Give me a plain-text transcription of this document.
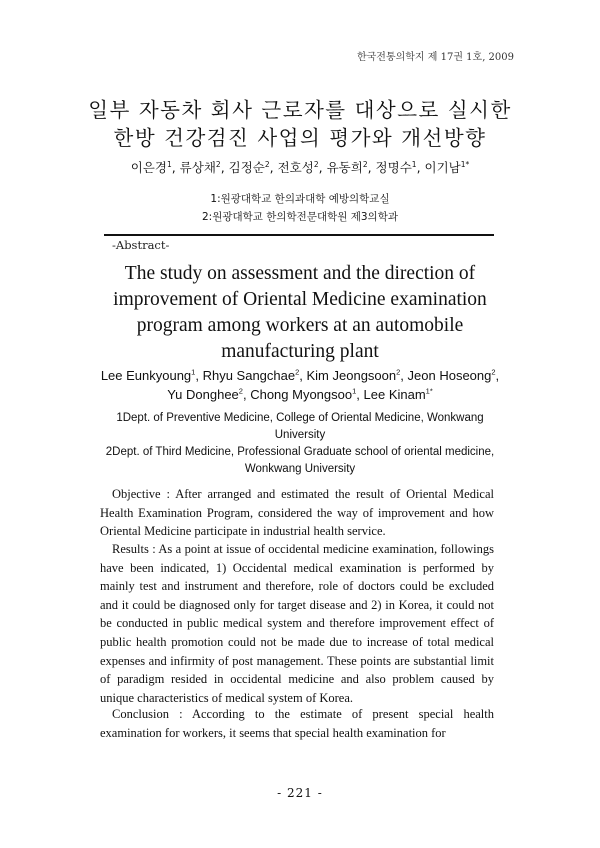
한국전통의학지 제 17권 1호, 2009
일부 자동차 회사 근로자를 대상으로 실시한
한방 건강검진 사업의 평가와 개선방향
이은경$^1$, 류상채$^2$, 김정순$^2$, 전호성$^2$, 유동희$^2$, 정명수$^1$, 이기남$^{1*}$
1:원광대학교 한의과대학 예방의학교실
2:원광대학교 한의학전문대학원 제3의학과
-Abstract-
The study on assessment and the direction of
improvement of Oriental Medicine examination
program among workers at an automobile
manufacturing plant
Lee Eunkyoung$^1$, Rhyu Sangchae$^2$, Kim Jeongsoon$^2$, Jeon Hoseong$^2$,
Yu Donghee$^2$, Chong Myongsoo$^1$, Lee Kinam$^{1*}$
1Dept. of Preventive Medicine, College of Oriental Medicine, Wonkwang
University
2Dept. of Third Medicine, Professional Graduate school of oriental medicine,
Wonkwang University

Objective : After arranged and estimated the result of Oriental Medical Health Examination Program, considered the way of improvement and how Oriental Medicine participate in industrial health service.

Results : As a point at issue of occidental medicine examination, followings have been indicated, 1) Occidental medical examination is performed by mainly test and instrument and therefore, role of doctors could be excluded and it could be diagnosed only for target disease and 2) in Korea, it could not be conducted in public medical system and therefore improvement effect of public health promotion could not be made due to increase of total medical expenses and infirmity of post management. These points are substantial limit of paradigm resided in occidental medicine and also problem caused by unique characteristics of medical system of Korea.

Conclusion : According to the estimate of present special health examination for workers, it seems that special health examination for

- 221 -
